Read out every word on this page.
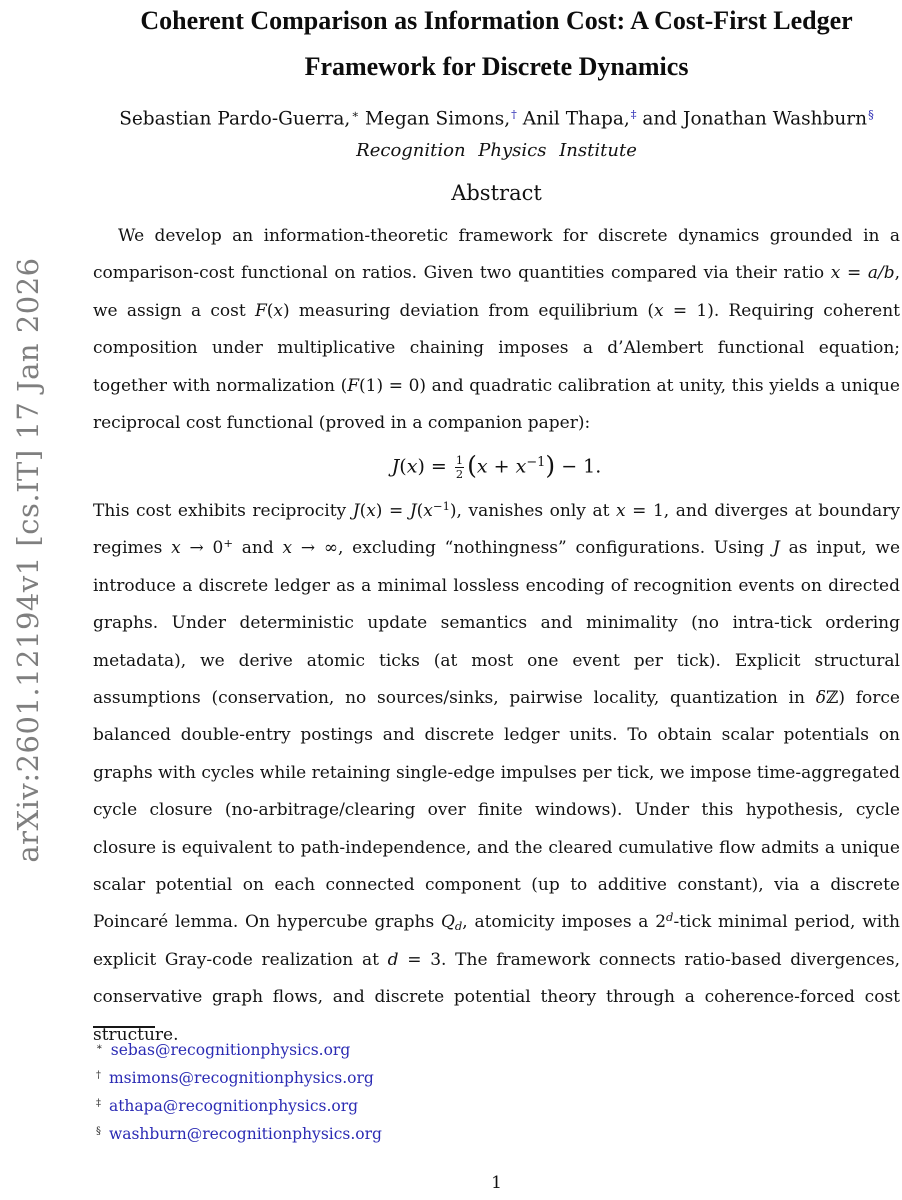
arXiv:2601.12194v1 [cs.IT] 17 Jan 2026
Coherent Comparison as Information Cost: A Cost-First Ledger
Framework for Discrete Dynamics
Sebastian Pardo-Guerra,∗ Megan Simons,† Anil Thapa,‡ and Jonathan Washburn§
Recognition Physics Institute
Abstract
We develop an information-theoretic framework for discrete dynamics grounded in a comparison-cost functional on ratios. Given two quantities compared via their ratio x = a/b, we assign a cost F(x) measuring deviation from equilibrium (x = 1). Requiring coherent composition under multiplicative chaining imposes a d’Alembert functional equation; together with normalization (F(1) = 0) and quadratic calibration at unity, this yields a unique reciprocal cost functional (proved in a companion paper):
$J(x) = \frac{1}{2} (x + x^{-1}) - 1$.
This cost exhibits reciprocity $J(x) = J(x^{-1})$, vanishes only at x = 1, and diverges at boundary regimes x → 0+ and x → ∞, excluding “nothingness” configurations. Using J as input, we introduce a discrete ledger as a minimal lossless encoding of recognition events on directed graphs. Under deterministic update semantics and minimality (no intra-tick ordering metadata), we derive atomic ticks (at most one event per tick). Explicit structural assumptions (conservation, no sources/sinks, pairwise locality, quantization in δℤ) force balanced double-entry postings and discrete ledger units. To obtain scalar potentials on graphs with cycles while retaining single-edge impulses per tick, we impose time-aggregated cycle closure (no-arbitrage/clearing over finite windows). Under this hypothesis, cycle closure is equivalent to path-independence, and the cleared cumulative flow admits a unique scalar potential on each connected component (up to additive constant), via a discrete Poincaré lemma. On hypercube graphs $Q_d$, atomicity imposes a 2$^d$-tick minimal period, with explicit Gray-code realization at d = 3. The framework connects ratio-based divergences, conservative graph flows, and discrete potential theory through a coherence-forced cost structure.
∗ sebas@recognitionphysics.org
† msimons@recognitionphysics.org
‡ athapa@recognitionphysics.org
§ washburn@recognitionphysics.org
1
